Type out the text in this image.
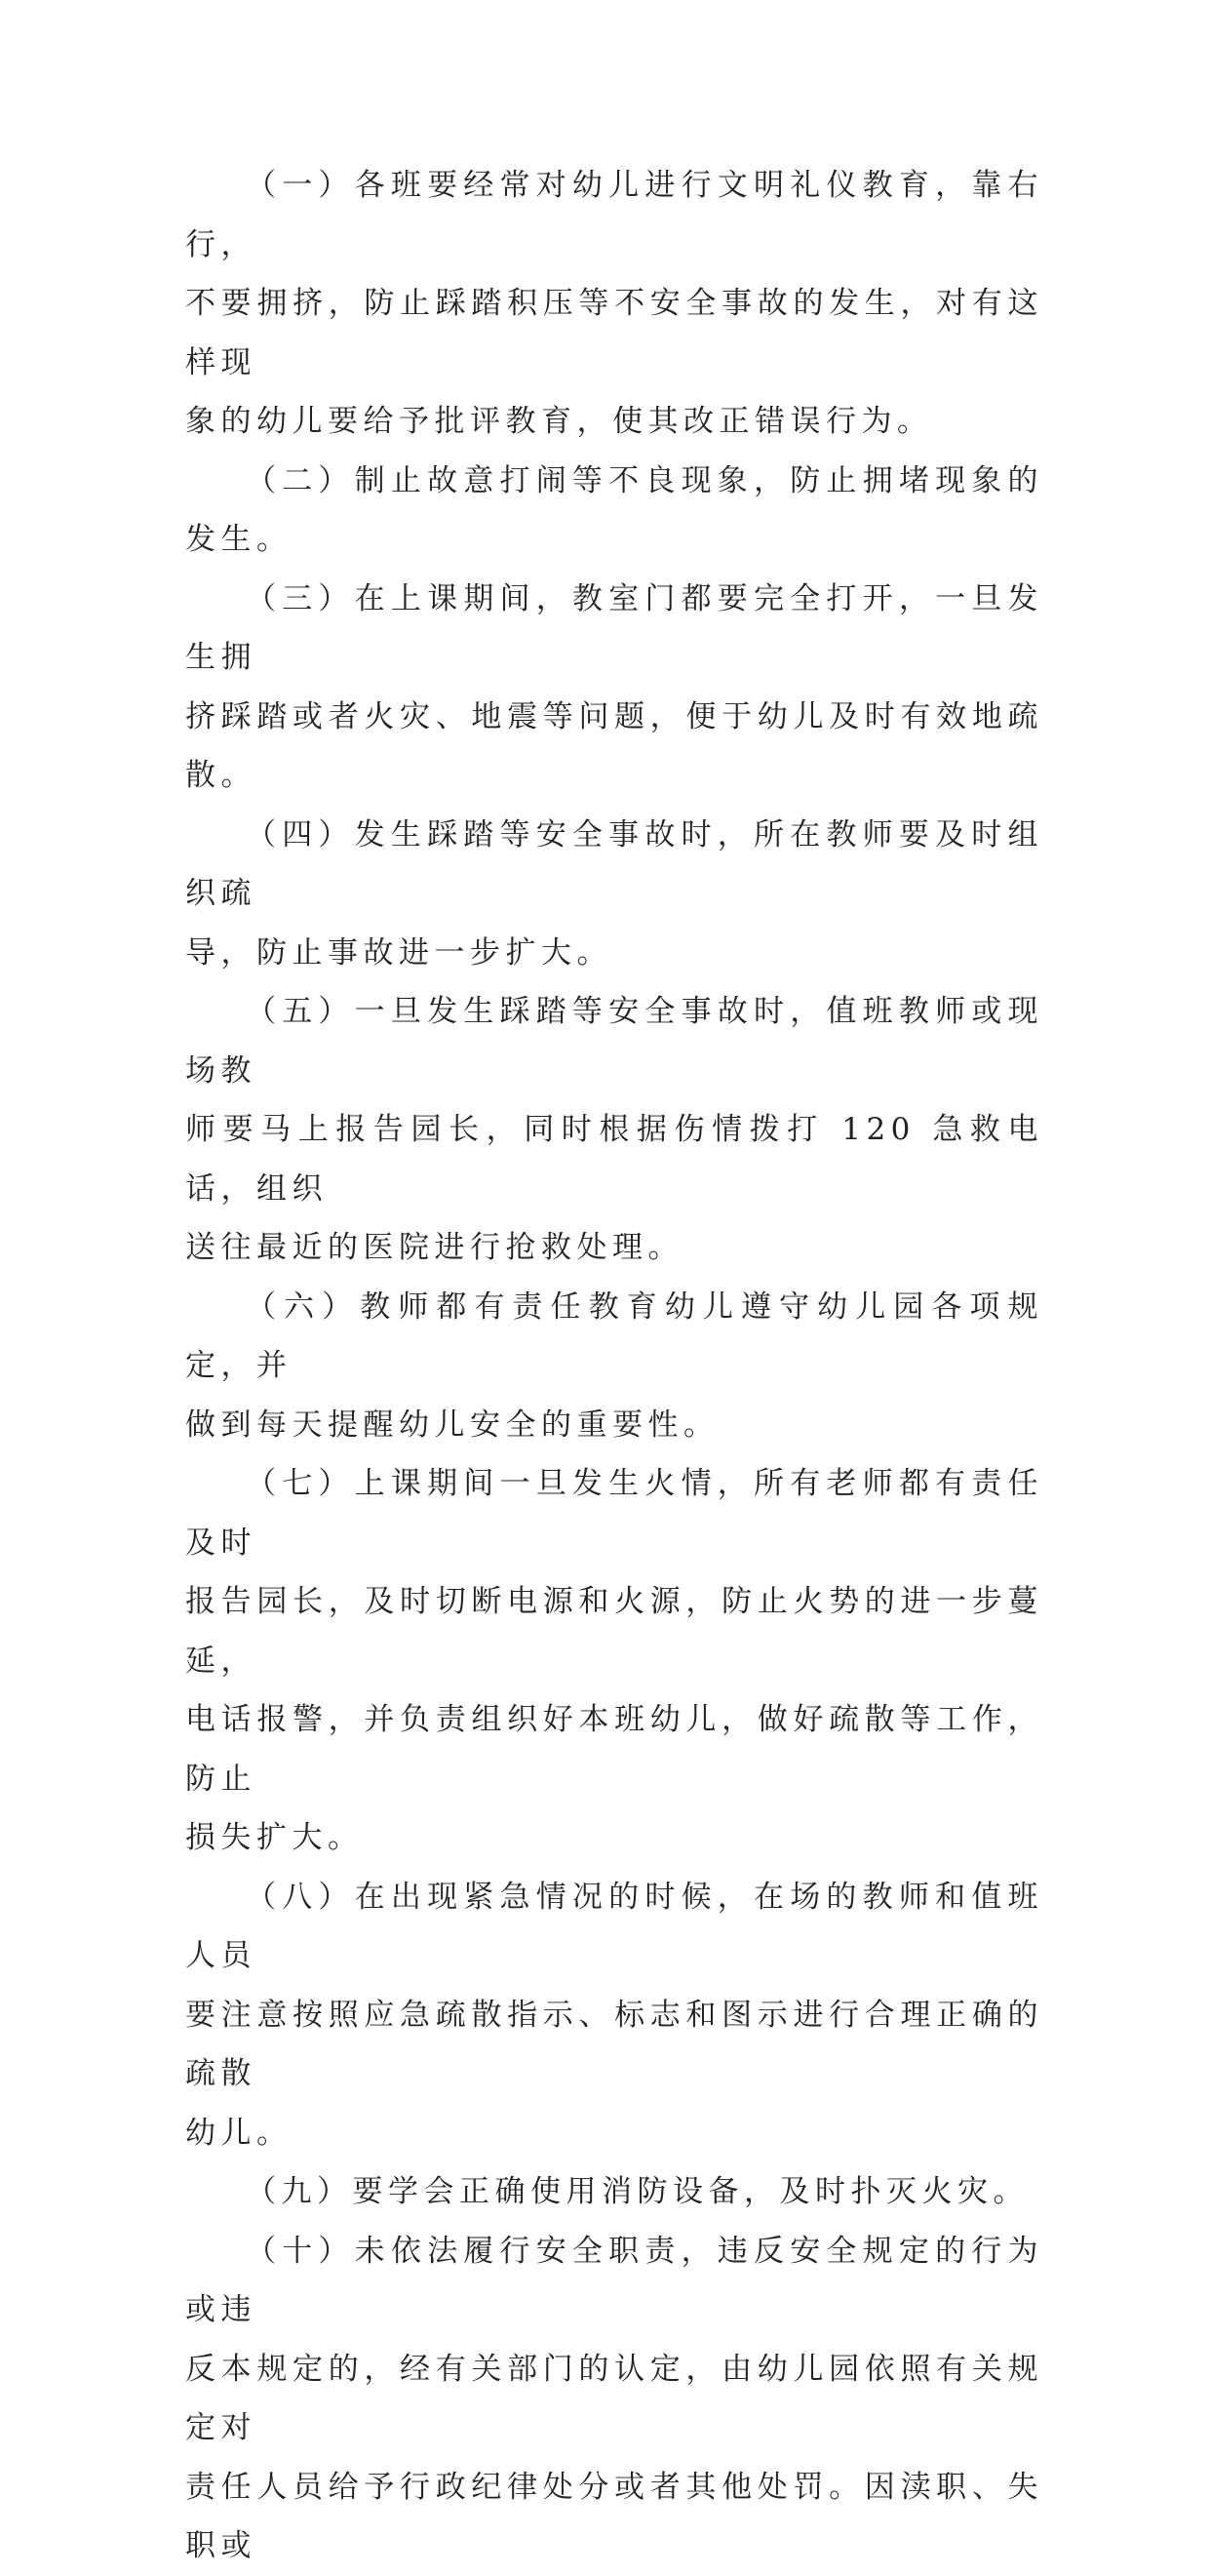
（一）各班要经常对幼儿进行文明礼仪教育，靠右行，
不要拥挤，防止踩踏积压等不安全事故的发生，对有这样现
象的幼儿要给予批评教育，使其改正错误行为。

（二）制止故意打闹等不良现象，防止拥堵现象的发生。

（三）在上课期间，教室门都要完全打开，一旦发生拥
挤踩踏或者火灾、地震等问题，便于幼儿及时有效地疏散。

（四）发生踩踏等安全事故时，所在教师要及时组织疏
导，防止事故进一步扩大。

（五）一旦发生踩踏等安全事故时，值班教师或现场教
师要马上报告园长，同时根据伤情拨打 120 急救电话，组织
送往最近的医院进行抢救处理。

（六）教师都有责任教育幼儿遵守幼儿园各项规定，并
做到每天提醒幼儿安全的重要性。

（七）上课期间一旦发生火情，所有老师都有责任及时
报告园长，及时切断电源和火源，防止火势的进一步蔓延，
电话报警，并负责组织好本班幼儿，做好疏散等工作，防止
损失扩大。

（八）在出现紧急情况的时候，在场的教师和值班人员
要注意按照应急疏散指示、标志和图示进行合理正确的疏散
幼儿。

（九）要学会正确使用消防设备，及时扑灭火灾。

（十）未依法履行安全职责，违反安全规定的行为或违
反本规定的，经有关部门的认定，由幼儿园依照有关规定对
责任人员给予行政纪律处分或者其他处罚。因渎职、失职或
